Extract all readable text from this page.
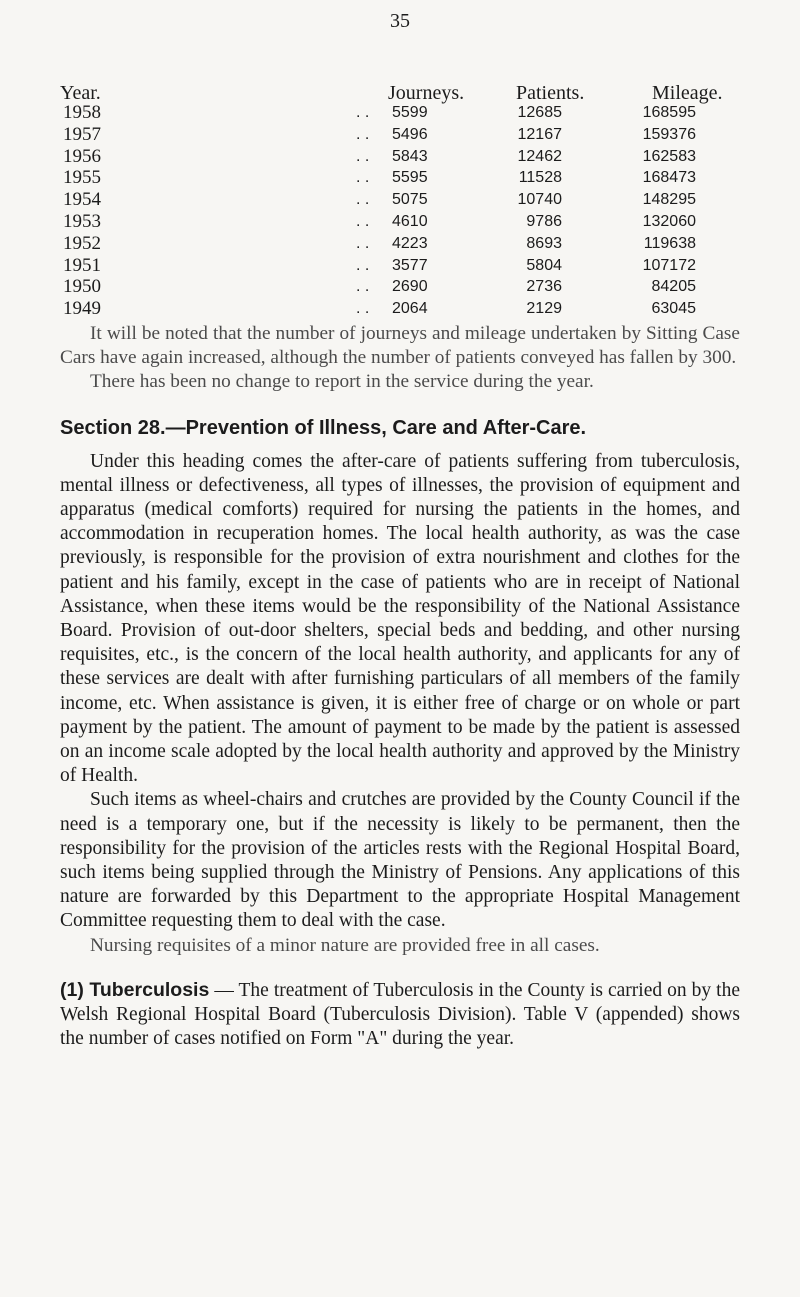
35
Year.	Journeys.	Patients.	Mileage.
1958	. . 5599	12685	168595
1957	. . 5496	12167	159376
1956	. . 5843	12462	162583
1955	. . 5595	11528	168473
1954	. . 5075	10740	148295
1953	. . 4610	9786	132060
1952	. . 4223	8693	119638
1951	. . 3577	5804	107172
1950	. . 2690	2736	84205
1949	. . 2064	2129	63045

It will be noted that the number of journeys and mileage undertaken by Sitting Case Cars have again increased, although the number of patients conveyed has fallen by 300.

There has been no change to report in the service during the year.

Section 28.—Prevention of Illness, Care and After-Care.

Under this heading comes the after-care of patients suffering from tuberculosis, mental illness or defectiveness, all types of illnesses, the provision of equipment and apparatus (medical comforts) required for nursing the patients in the homes, and accommodation in recuperation homes. The local health authority, as was the case previously, is responsible for the provision of extra nourishment and clothes for the patient and his family, except in the case of patients who are in receipt of National Assistance, when these items would be the responsibility of the National Assistance Board. Provision of out-door shelters, special beds and bedding, and other nursing requisites, etc., is the concern of the local health authority, and applicants for any of these services are dealt with after furnishing particulars of all members of the family income, etc. When assistance is given, it is either free of charge or on whole or part payment by the patient. The amount of payment to be made by the patient is assessed on an income scale adopted by the local health authority and approved by the Ministry of Health.

Such items as wheel-chairs and crutches are provided by the County Council if the need is a temporary one, but if the necessity is likely to be permanent, then the responsibility for the provision of the articles rests with the Regional Hospital Board, such items being supplied through the Ministry of Pensions. Any applications of this nature are forwarded by this Department to the appropriate Hospital Management Committee requesting them to deal with the case.

Nursing requisites of a minor nature are provided free in all cases.

(1) Tuberculosis — The treatment of Tuberculosis in the County is carried on by the Welsh Regional Hospital Board (Tuberculosis Division). Table V (appended) shows the number of cases notified on Form "A" during the year.
